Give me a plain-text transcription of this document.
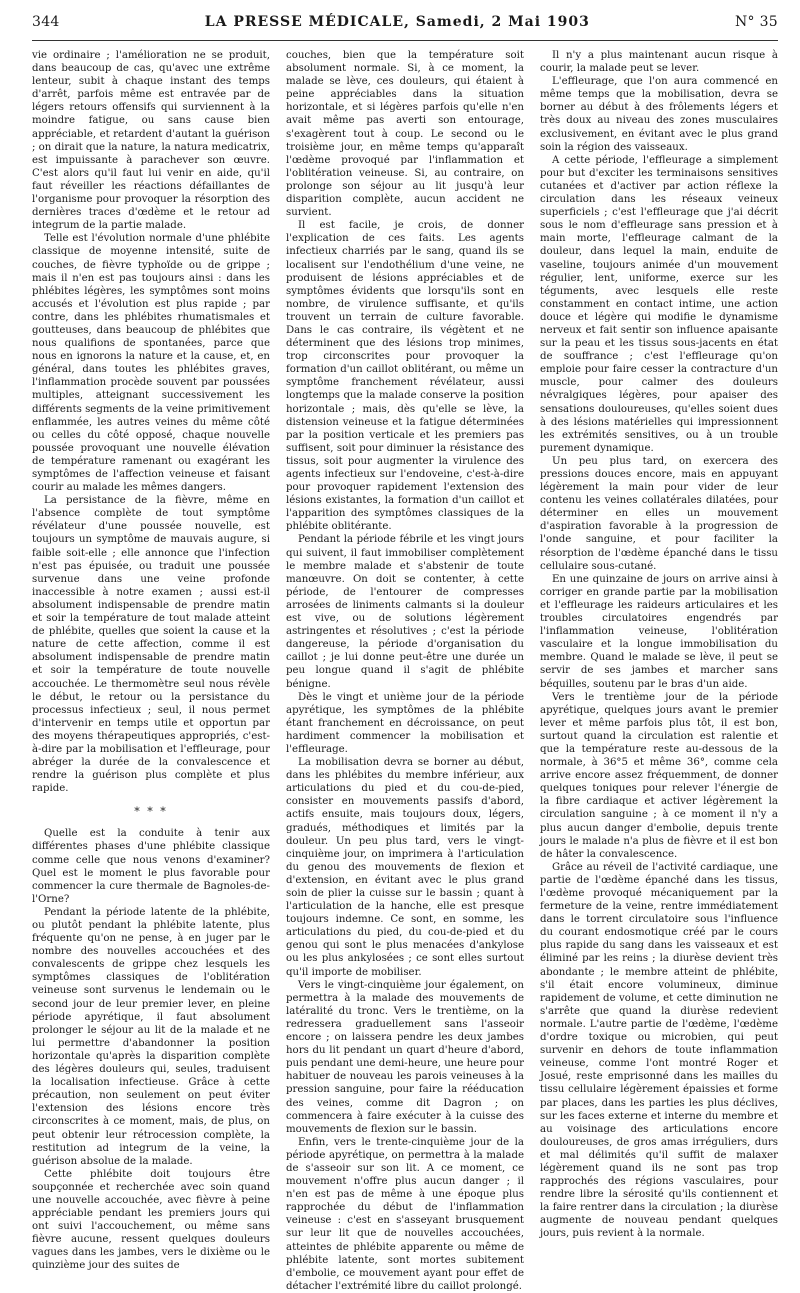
344	LA PRESSE MÉDICALE, Samedi, 2 Mai 1903	N° 35

vie ordinaire ; l'amélioration ne se produit, dans beaucoup de cas, qu'avec une extrême lenteur, subit à chaque instant des temps d'arrêt, parfois même est entravée par de légers retours offensifs qui surviennent à la moindre fatigue, ou sans cause bien appréciable, et retardent d'autant la guérison ; on dirait que la nature, la natura medicatrix, est impuissante à parachever son œuvre. C'est alors qu'il faut lui venir en aide, qu'il faut réveiller les réactions défaillantes de l'organisme pour provoquer la résorption des dernières traces d'œdème et le retour ad integrum de la partie malade.

Telle est l'évolution normale d'une phlébite classique de moyenne intensité, suite de couches, de fièvre typhoïde ou de grippe ; mais il n'en est pas toujours ainsi : dans les phlébites légères, les symptômes sont moins accusés et l'évolution est plus rapide ; par contre, dans les phlébites rhumatismales et goutteuses, dans beaucoup de phlébites que nous qualifions de spontanées, parce que nous en ignorons la nature et la cause, et, en général, dans toutes les phlébites graves, l'inflammation procède souvent par poussées multiples, atteignant successivement les différents segments de la veine primitivement enflammée, les autres veines du même côté ou celles du côté opposé, chaque nouvelle poussée provoquant une nouvelle élévation de température ramenant ou exagérant les symptômes de l'affection veineuse et faisant courir au malade les mêmes dangers.

La persistance de la fièvre, même en l'absence complète de tout symptôme révélateur d'une poussée nouvelle, est toujours un symptôme de mauvais augure, si faible soit-elle ; elle annonce que l'infection n'est pas épuisée, ou traduit une poussée survenue dans une veine profonde inaccessible à notre examen ; aussi est-il absolument indispensable de prendre matin et soir la température de tout malade atteint de phlébite, quelles que soient la cause et la nature de cette affection, comme il est absolument indispensable de prendre matin et soir la température de toute nouvelle accouchée. Le thermomètre seul nous révèle le début, le retour ou la persistance du processus infectieux ; seul, il nous permet d'intervenir en temps utile et opportun par des moyens thérapeutiques appropriés, c'est-à-dire par la mobilisation et l'effleurage, pour abréger la durée de la convalescence et rendre la guérison plus complète et plus rapide.

* * *

Quelle est la conduite à tenir aux différentes phases d'une phlébite classique comme celle que nous venons d'examiner? Quel est le moment le plus favorable pour commencer la cure thermale de Bagnoles-de-l'Orne?

Pendant la période latente de la phlébite, ou plutôt pendant la phlébite latente, plus fréquente qu'on ne pense, à en juger par le nombre des nouvelles accouchées et des convalescents de grippe chez lesquels les symptômes classiques de l'oblitération veineuse sont survenus le lendemain ou le second jour de leur premier lever, en pleine période apyrétique, il faut absolument prolonger le séjour au lit de la malade et ne lui permettre d'abandonner la position horizontale qu'après la disparition complète des légères douleurs qui, seules, traduisent la localisation infectieuse. Grâce à cette précaution, non seulement on peut éviter l'extension des lésions encore très circonscrites à ce moment, mais, de plus, on peut obtenir leur rétrocession complète, la restitution ad integrum de la veine, la guérison absolue de la malade.

Cette phlébite doit toujours être soupçonnée et recherchée avec soin quand une nouvelle accouchée, avec fièvre à peine appréciable pendant les premiers jours qui ont suivi l'accouchement, ou même sans fièvre aucune, ressent quelques douleurs vagues dans les jambes, vers le dixième ou le quinzième jour des suites de

couches, bien que la température soit absolument normale. Si, à ce moment, la malade se lève, ces douleurs, qui étaient à peine appréciables dans la situation horizontale, et si légères parfois qu'elle n'en avait même pas averti son entourage, s'exagèrent tout à coup. Le second ou le troisième jour, en même temps qu'apparaît l'œdème provoqué par l'inflammation et l'oblitération veineuse. Si, au contraire, on prolonge son séjour au lit jusqu'à leur disparition complète, aucun accident ne survient.

Il est facile, je crois, de donner l'explication de ces faits. Les agents infectieux charriés par le sang, quand ils se localisent sur l'endothélium d'une veine, ne produisent de lésions appréciables et de symptômes évidents que lorsqu'ils sont en nombre, de virulence suffisante, et qu'ils trouvent un terrain de culture favorable. Dans le cas contraire, ils végètent et ne déterminent que des lésions trop minimes, trop circonscrites pour provoquer la formation d'un caillot oblitérant, ou même un symptôme franchement révélateur, aussi longtemps que la malade conserve la position horizontale ; mais, dès qu'elle se lève, la distension veineuse et la fatigue déterminées par la position verticale et les premiers pas suffisent, soit pour diminuer la résistance des tissus, soit pour augmenter la virulence des agents infectieux sur l'endoveine, c'est-à-dire pour provoquer rapidement l'extension des lésions existantes, la formation d'un caillot et l'apparition des symptômes classiques de la phlébite oblitérante.

Pendant la période fébrile et les vingt jours qui suivent, il faut immobiliser complètement le membre malade et s'abstenir de toute manœuvre. On doit se contenter, à cette période, de l'entourer de compresses arrosées de liniments calmants si la douleur est vive, ou de solutions légèrement astringentes et résolutives ; c'est la période dangereuse, la période d'organisation du caillot ; je lui donne peut-être une durée un peu longue quand il s'agit de phlébite bénigne.

Dès le vingt et unième jour de la période apyrétique, les symptômes de la phlébite étant franchement en décroissance, on peut hardiment commencer la mobilisation et l'effleurage.

La mobilisation devra se borner au début, dans les phlébites du membre inférieur, aux articulations du pied et du cou-de-pied, consister en mouvements passifs d'abord, actifs ensuite, mais toujours doux, légers, gradués, méthodiques et limités par la douleur. Un peu plus tard, vers le vingt-cinquième jour, on imprimera à l'articulation du genou des mouvements de flexion et d'extension, en évitant avec le plus grand soin de plier la cuisse sur le bassin ; quant à l'articulation de la hanche, elle est presque toujours indemne. Ce sont, en somme, les articulations du pied, du cou-de-pied et du genou qui sont le plus menacées d'ankylose ou les plus ankylosées ; ce sont elles surtout qu'il importe de mobiliser.

Vers le vingt-cinquième jour également, on permettra à la malade des mouvements de latéralité du tronc. Vers le trentième, on la redressera graduellement sans l'asseoir encore ; on laissera pendre les deux jambes hors du lit pendant un quart d'heure d'abord, puis pendant une demi-heure, une heure pour habituer de nouveau les parois veineuses à la pression sanguine, pour faire la rééducation des veines, comme dit Dagron ; on commencera à faire exécuter à la cuisse des mouvements de flexion sur le bassin.

Enfin, vers le trente-cinquième jour de la période apyrétique, on permettra à la malade de s'asseoir sur son lit. A ce moment, ce mouvement n'offre plus aucun danger ; il n'en est pas de même à une époque plus rapprochée du début de l'inflammation veineuse : c'est en s'asseyant brusquement sur leur lit que de nouvelles accouchées, atteintes de phlébite apparente ou même de phlébite latente, sont mortes subitement d'embolie, ce mouvement ayant pour effet de détacher l'extrémité libre du caillot prolongé.

Il n'y a plus maintenant aucun risque à courir, la malade peut se lever.

L'effleurage, que l'on aura commencé en même temps que la mobilisation, devra se borner au début à des frôlements légers et très doux au niveau des zones musculaires exclusivement, en évitant avec le plus grand soin la région des vaisseaux.

A cette période, l'effleurage a simplement pour but d'exciter les terminaisons sensitives cutanées et d'activer par action réflexe la circulation dans les réseaux veineux superficiels ; c'est l'effleurage que j'ai décrit sous le nom d'effleurage sans pression et à main morte, l'effleurage calmant de la douleur, dans lequel la main, enduite de vaseline, toujours animée d'un mouvement régulier, lent, uniforme, exerce sur les téguments, avec lesquels elle reste constamment en contact intime, une action douce et légère qui modifie le dynamisme nerveux et fait sentir son influence apaisante sur la peau et les tissus sous-jacents en état de souffrance ; c'est l'effleurage qu'on emploie pour faire cesser la contracture d'un muscle, pour calmer des douleurs névralgiques légères, pour apaiser des sensations douloureuses, qu'elles soient dues à des lésions matérielles qui impressionnent les extrémités sensitives, ou à un trouble purement dynamique.

Un peu plus tard, on exercera des pressions douces encore, mais en appuyant légèrement la main pour vider de leur contenu les veines collatérales dilatées, pour déterminer en elles un mouvement d'aspiration favorable à la progression de l'onde sanguine, et pour faciliter la résorption de l'œdème épanché dans le tissu cellulaire sous-cutané.

En une quinzaine de jours on arrive ainsi à corriger en grande partie par la mobilisation et l'effleurage les raideurs articulaires et les troubles circulatoires engendrés par l'inflammation veineuse, l'oblitération vasculaire et la longue immobilisation du membre. Quand le malade se lève, il peut se servir de ses jambes et marcher sans béquilles, soutenu par le bras d'un aide.

Vers le trentième jour de la période apyrétique, quelques jours avant le premier lever et même parfois plus tôt, il est bon, surtout quand la circulation est ralentie et que la température reste au-dessous de la normale, à 36°5 et même 36°, comme cela arrive encore assez fréquemment, de donner quelques toniques pour relever l'énergie de la fibre cardiaque et activer légèrement la circulation sanguine ; à ce moment il n'y a plus aucun danger d'embolie, depuis trente jours le malade n'a plus de fièvre et il est bon de hâter la convalescence.

Grâce au réveil de l'activité cardiaque, une partie de l'œdème épanché dans les tissus, l'œdème provoqué mécaniquement par la fermeture de la veine, rentre immédiatement dans le torrent circulatoire sous l'influence du courant endosmotique créé par le cours plus rapide du sang dans les vaisseaux et est éliminé par les reins ; la diurèse devient très abondante ; le membre atteint de phlébite, s'il était encore volumineux, diminue rapidement de volume, et cette diminution ne s'arrête que quand la diurèse redevient normale. L'autre partie de l'œdème, l'œdème d'ordre toxique ou microbien, qui peut survenir en dehors de toute inflammation veineuse, comme l'ont montré Roger et Josué, reste emprisonné dans les mailles du tissu cellulaire légèrement épaissies et forme par places, dans les parties les plus déclives, sur les faces externe et interne du membre et au voisinage des articulations encore douloureuses, de gros amas irréguliers, durs et mal délimités qu'il suffit de malaxer légèrement quand ils ne sont pas trop rapprochés des régions vasculaires, pour rendre libre la sérosité qu'ils contiennent et la faire rentrer dans la circulation ; la diurèse augmente de nouveau pendant quelques jours, puis revient à la normale.
